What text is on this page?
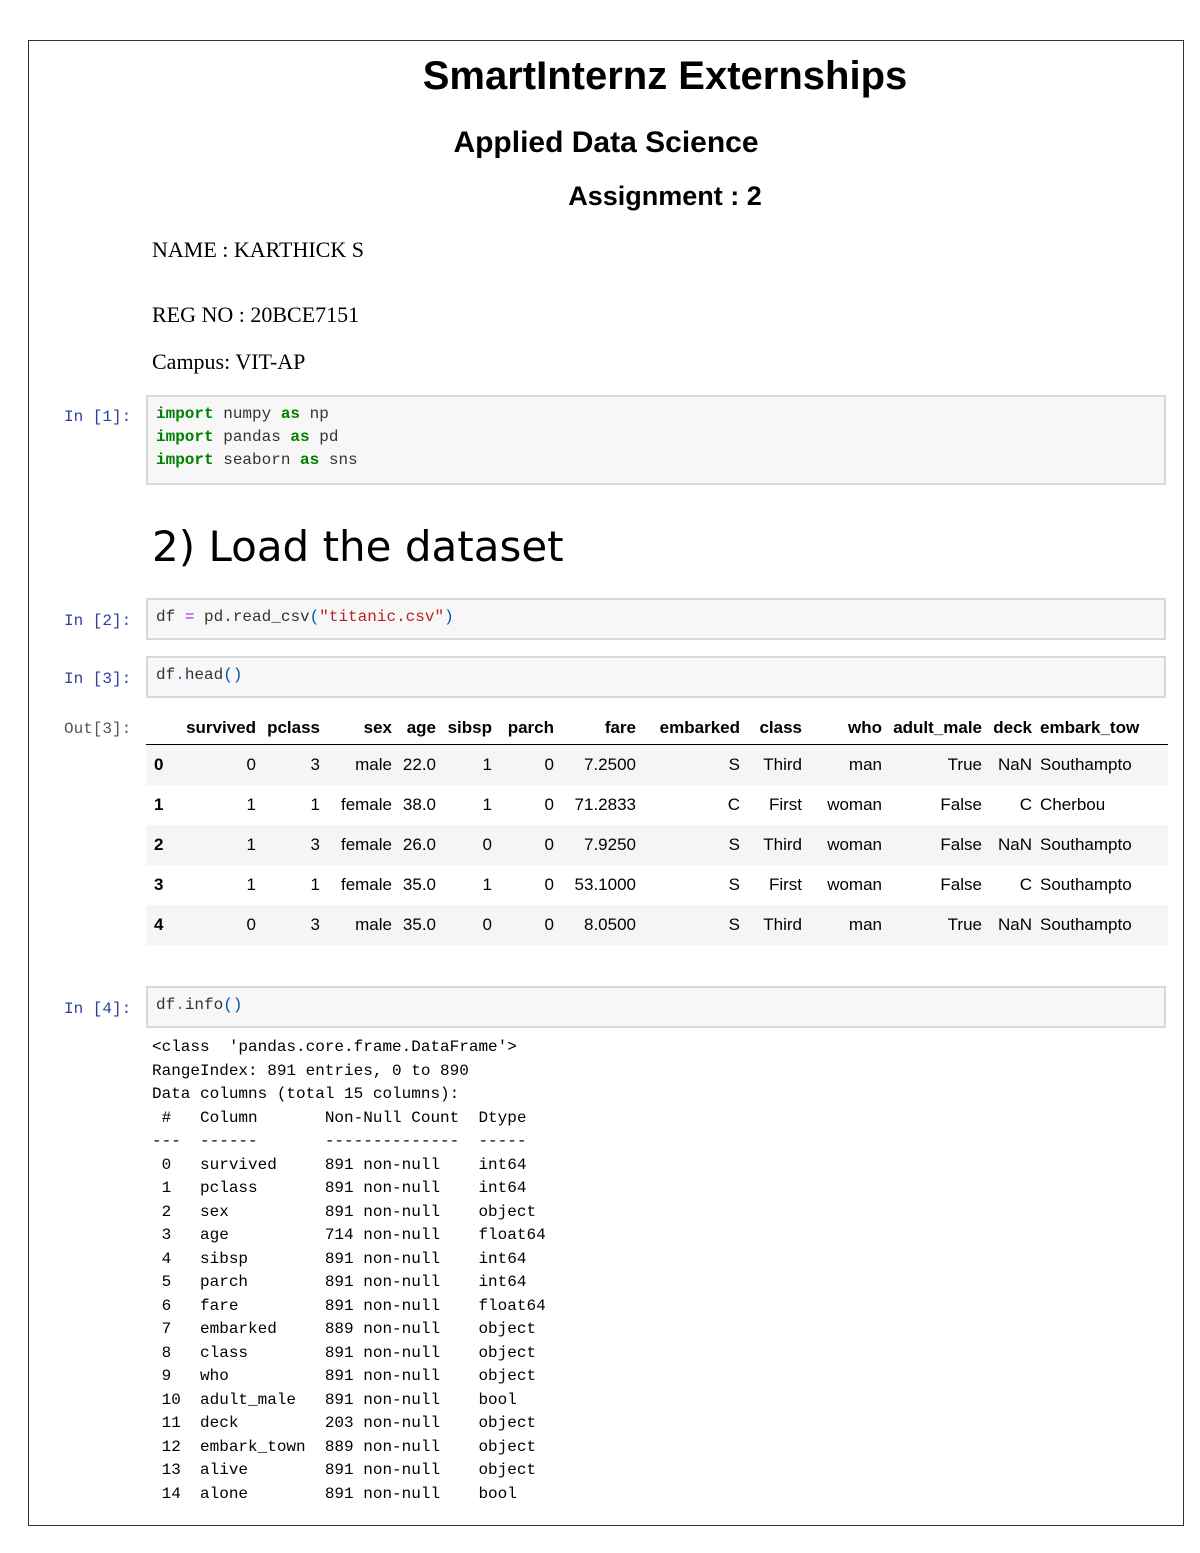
SmartInternz Externships
Applied Data Science
Assignment : 2
NAME : KARTHICK S
REG NO : 20BCE7151
Campus: VIT-AP
In [1]:	import numpy as np
import pandas as pd
import seaborn as sns
2) Load the dataset
In [2]:	df = pd.read_csv("titanic.csv")
In [3]:	df.head()
Out[3]:
		survived	pclass	sex	age	sibsp	parch	fare	embarked	class	who	adult_male	deck	embark_tow
0	0	3	male	22.0	1	0	7.2500	S	Third	man	True	NaN	Southampto
1	1	1	female	38.0	1	0	71.2833	C	First	woman	False	C	Cherbou
2	1	3	female	26.0	0	0	7.9250	S	Third	woman	False	NaN	Southampto
3	1	1	female	35.0	1	0	53.1000	S	First	woman	False	C	Southampto
4	0	3	male	35.0	0	0	8.0500	S	Third	man	True	NaN	Southampto
In [4]:	df.info()
<class  'pandas.core.frame.DataFrame'>
RangeIndex: 891 entries, 0 to 890
Data columns (total 15 columns):
#   Column       Non-Null Count  Dtype
---  ------       --------------  -----
0   survived     891 non-null    int64
1   pclass       891 non-null    int64
2   sex          891 non-null    object
3   age          714 non-null    float64
4   sibsp        891 non-null    int64
5   parch        891 non-null    int64
6   fare         891 non-null    float64
7   embarked     889 non-null    object
8   class        891 non-null    object
9   who          891 non-null    object
10  adult_male   891 non-null    bool
11  deck         203 non-null    object
12  embark_town  889 non-null    object
13  alive        891 non-null    object
14  alone        891 non-null    bool
